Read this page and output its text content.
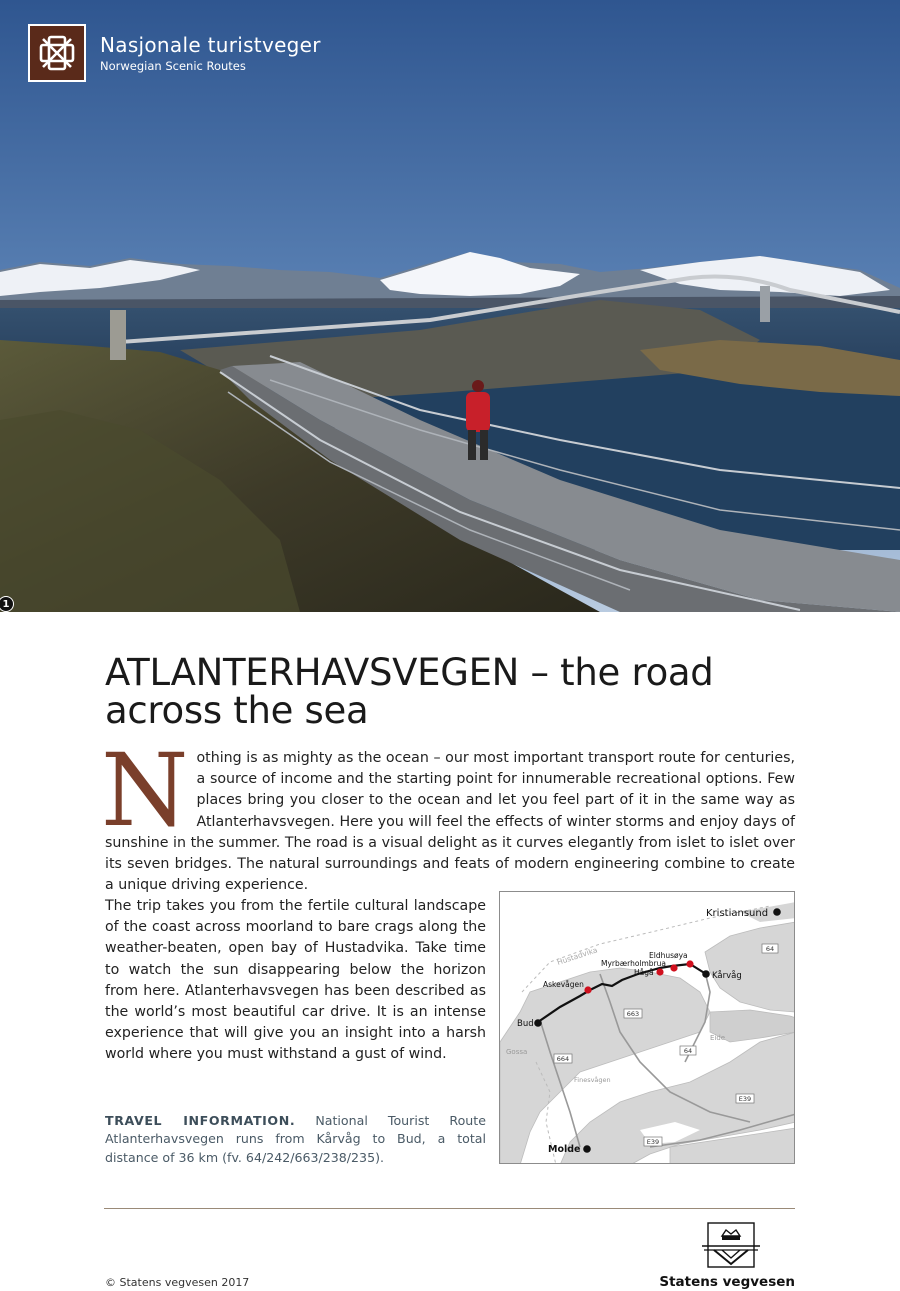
Nasjonale turistveger
Norwegian Scenic Routes
1
ATLANTERHAVSVEGEN – the road
across the sea

Nothing is as mighty as the ocean – our most important transport route for centuries, a source of income and the starting point for innumerable recreational options. Few places bring you closer to the ocean and let you feel part of it in the same way as Atlanterhavsvegen. Here you will feel the effects of winter storms and enjoy days of sunshine in the summer. The road is a visual delight as it curves elegantly from islet to islet over its seven bridges. The natural surroundings and feats of modern engineering combine to create a unique driving experience.

The trip takes you from the fertile cultural landscape of the coast across moorland to bare crags along the weather-beaten, open bay of Hustadvika. Take time to watch the sun disappearing below the horizon from here. Atlanterhavsvegen has been described as the world’s most beautiful car drive. It is an intense experience that will give you an insight into a harsh world where you must withstand a gust of wind.

TRAVEL INFORMATION. National Tourist Route Atlanterhavsvegen runs from Kårvåg to Bud, a total distance of 36 km (fv. 64/242/663/238/235).

Kristiansund
Eldhusøya
Myrbærholmbrua
Hågå	Kårvåg
Askevågen
Bud
Molde
Hustadvika
Gossa
Eide
Finesvågen
64
663
64
664
E39
E39
© Statens vegvesen 2017	Statens vegvesen
